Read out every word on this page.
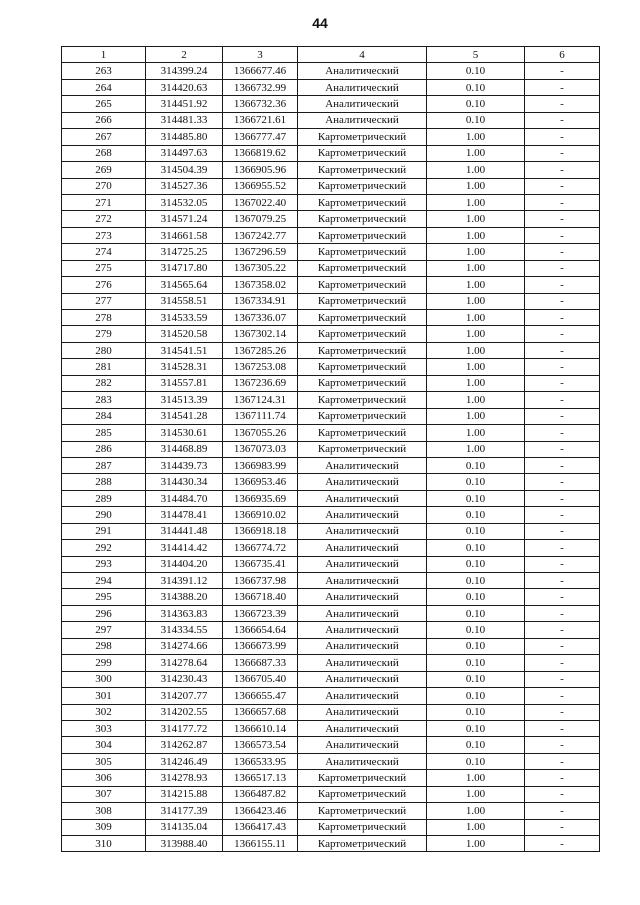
44
1	2	3	4	5	6
263	314399.24	1366677.46	Аналитический	0.10	-
264	314420.63	1366732.99	Аналитический	0.10	-
265	314451.92	1366732.36	Аналитический	0.10	-
266	314481.33	1366721.61	Аналитический	0.10	-
267	314485.80	1366777.47	Картометрический	1.00	-
268	314497.63	1366819.62	Картометрический	1.00	-
269	314504.39	1366905.96	Картометрический	1.00	-
270	314527.36	1366955.52	Картометрический	1.00	-
271	314532.05	1367022.40	Картометрический	1.00	-
272	314571.24	1367079.25	Картометрический	1.00	-
273	314661.58	1367242.77	Картометрический	1.00	-
274	314725.25	1367296.59	Картометрический	1.00	-
275	314717.80	1367305.22	Картометрический	1.00	-
276	314565.64	1367358.02	Картометрический	1.00	-
277	314558.51	1367334.91	Картометрический	1.00	-
278	314533.59	1367336.07	Картометрический	1.00	-
279	314520.58	1367302.14	Картометрический	1.00	-
280	314541.51	1367285.26	Картометрический	1.00	-
281	314528.31	1367253.08	Картометрический	1.00	-
282	314557.81	1367236.69	Картометрический	1.00	-
283	314513.39	1367124.31	Картометрический	1.00	-
284	314541.28	1367111.74	Картометрический	1.00	-
285	314530.61	1367055.26	Картометрический	1.00	-
286	314468.89	1367073.03	Картометрический	1.00	-
287	314439.73	1366983.99	Аналитический	0.10	-
288	314430.34	1366953.46	Аналитический	0.10	-
289	314484.70	1366935.69	Аналитический	0.10	-
290	314478.41	1366910.02	Аналитический	0.10	-
291	314441.48	1366918.18	Аналитический	0.10	-
292	314414.42	1366774.72	Аналитический	0.10	-
293	314404.20	1366735.41	Аналитический	0.10	-
294	314391.12	1366737.98	Аналитический	0.10	-
295	314388.20	1366718.40	Аналитический	0.10	-
296	314363.83	1366723.39	Аналитический	0.10	-
297	314334.55	1366654.64	Аналитический	0.10	-
298	314274.66	1366673.99	Аналитический	0.10	-
299	314278.64	1366687.33	Аналитический	0.10	-
300	314230.43	1366705.40	Аналитический	0.10	-
301	314207.77	1366655.47	Аналитический	0.10	-
302	314202.55	1366657.68	Аналитический	0.10	-
303	314177.72	1366610.14	Аналитический	0.10	-
304	314262.87	1366573.54	Аналитический	0.10	-
305	314246.49	1366533.95	Аналитический	0.10	-
306	314278.93	1366517.13	Картометрический	1.00	-
307	314215.88	1366487.82	Картометрический	1.00	-
308	314177.39	1366423.46	Картометрический	1.00	-
309	314135.04	1366417.43	Картометрический	1.00	-
310	313988.40	1366155.11	Картометрический	1.00	-
